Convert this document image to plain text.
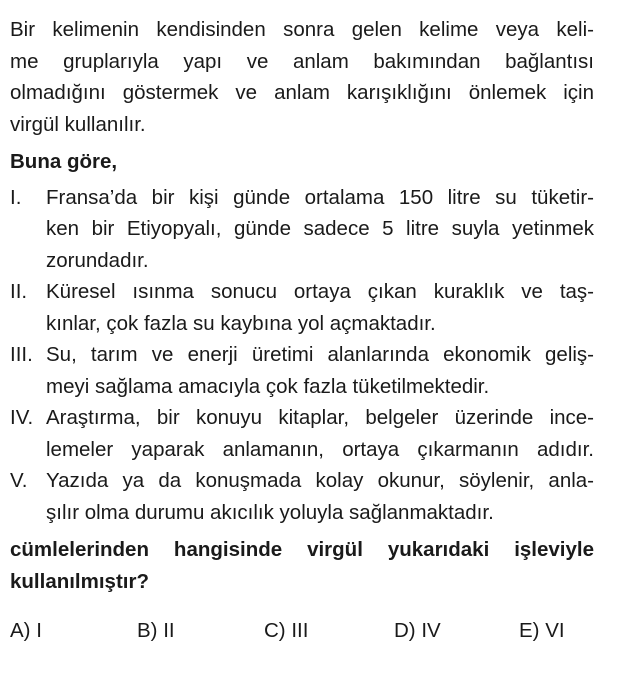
Bir kelimenin kendisinden sonra gelen kelime veya keli-
me gruplarıyla yapı ve anlam bakımından bağlantısı
olmadığını göstermek ve anlam karışıklığını önlemek için
virgül kullanılır.
Buna göre,
I. Fransa’da bir kişi günde ortalama 150 litre su tüketir-
ken bir Etiyopyalı, günde sadece 5 litre suyla yetinmek
zorundadır.
II. Küresel ısınma sonucu ortaya çıkan kuraklık ve taş-
kınlar, çok fazla su kaybına yol açmaktadır.
III. Su, tarım ve enerji üretimi alanlarında ekonomik geliş-
meyi sağlama amacıyla çok fazla tüketilmektedir.
IV. Araştırma, bir konuyu kitaplar, belgeler üzerinde ince-
lemeler yaparak anlamanın, ortaya çıkarmanın adıdır.
V. Yazıda ya da konuşmada kolay okunur, söylenir, anla-
şılır olma durumu akıcılık yoluyla sağlanmaktadır.
cümlelerinden hangisinde virgül yukarıdaki işleviyle
kullanılmıştır?
A) I	B) II	C) III	D) IV	E) VI
